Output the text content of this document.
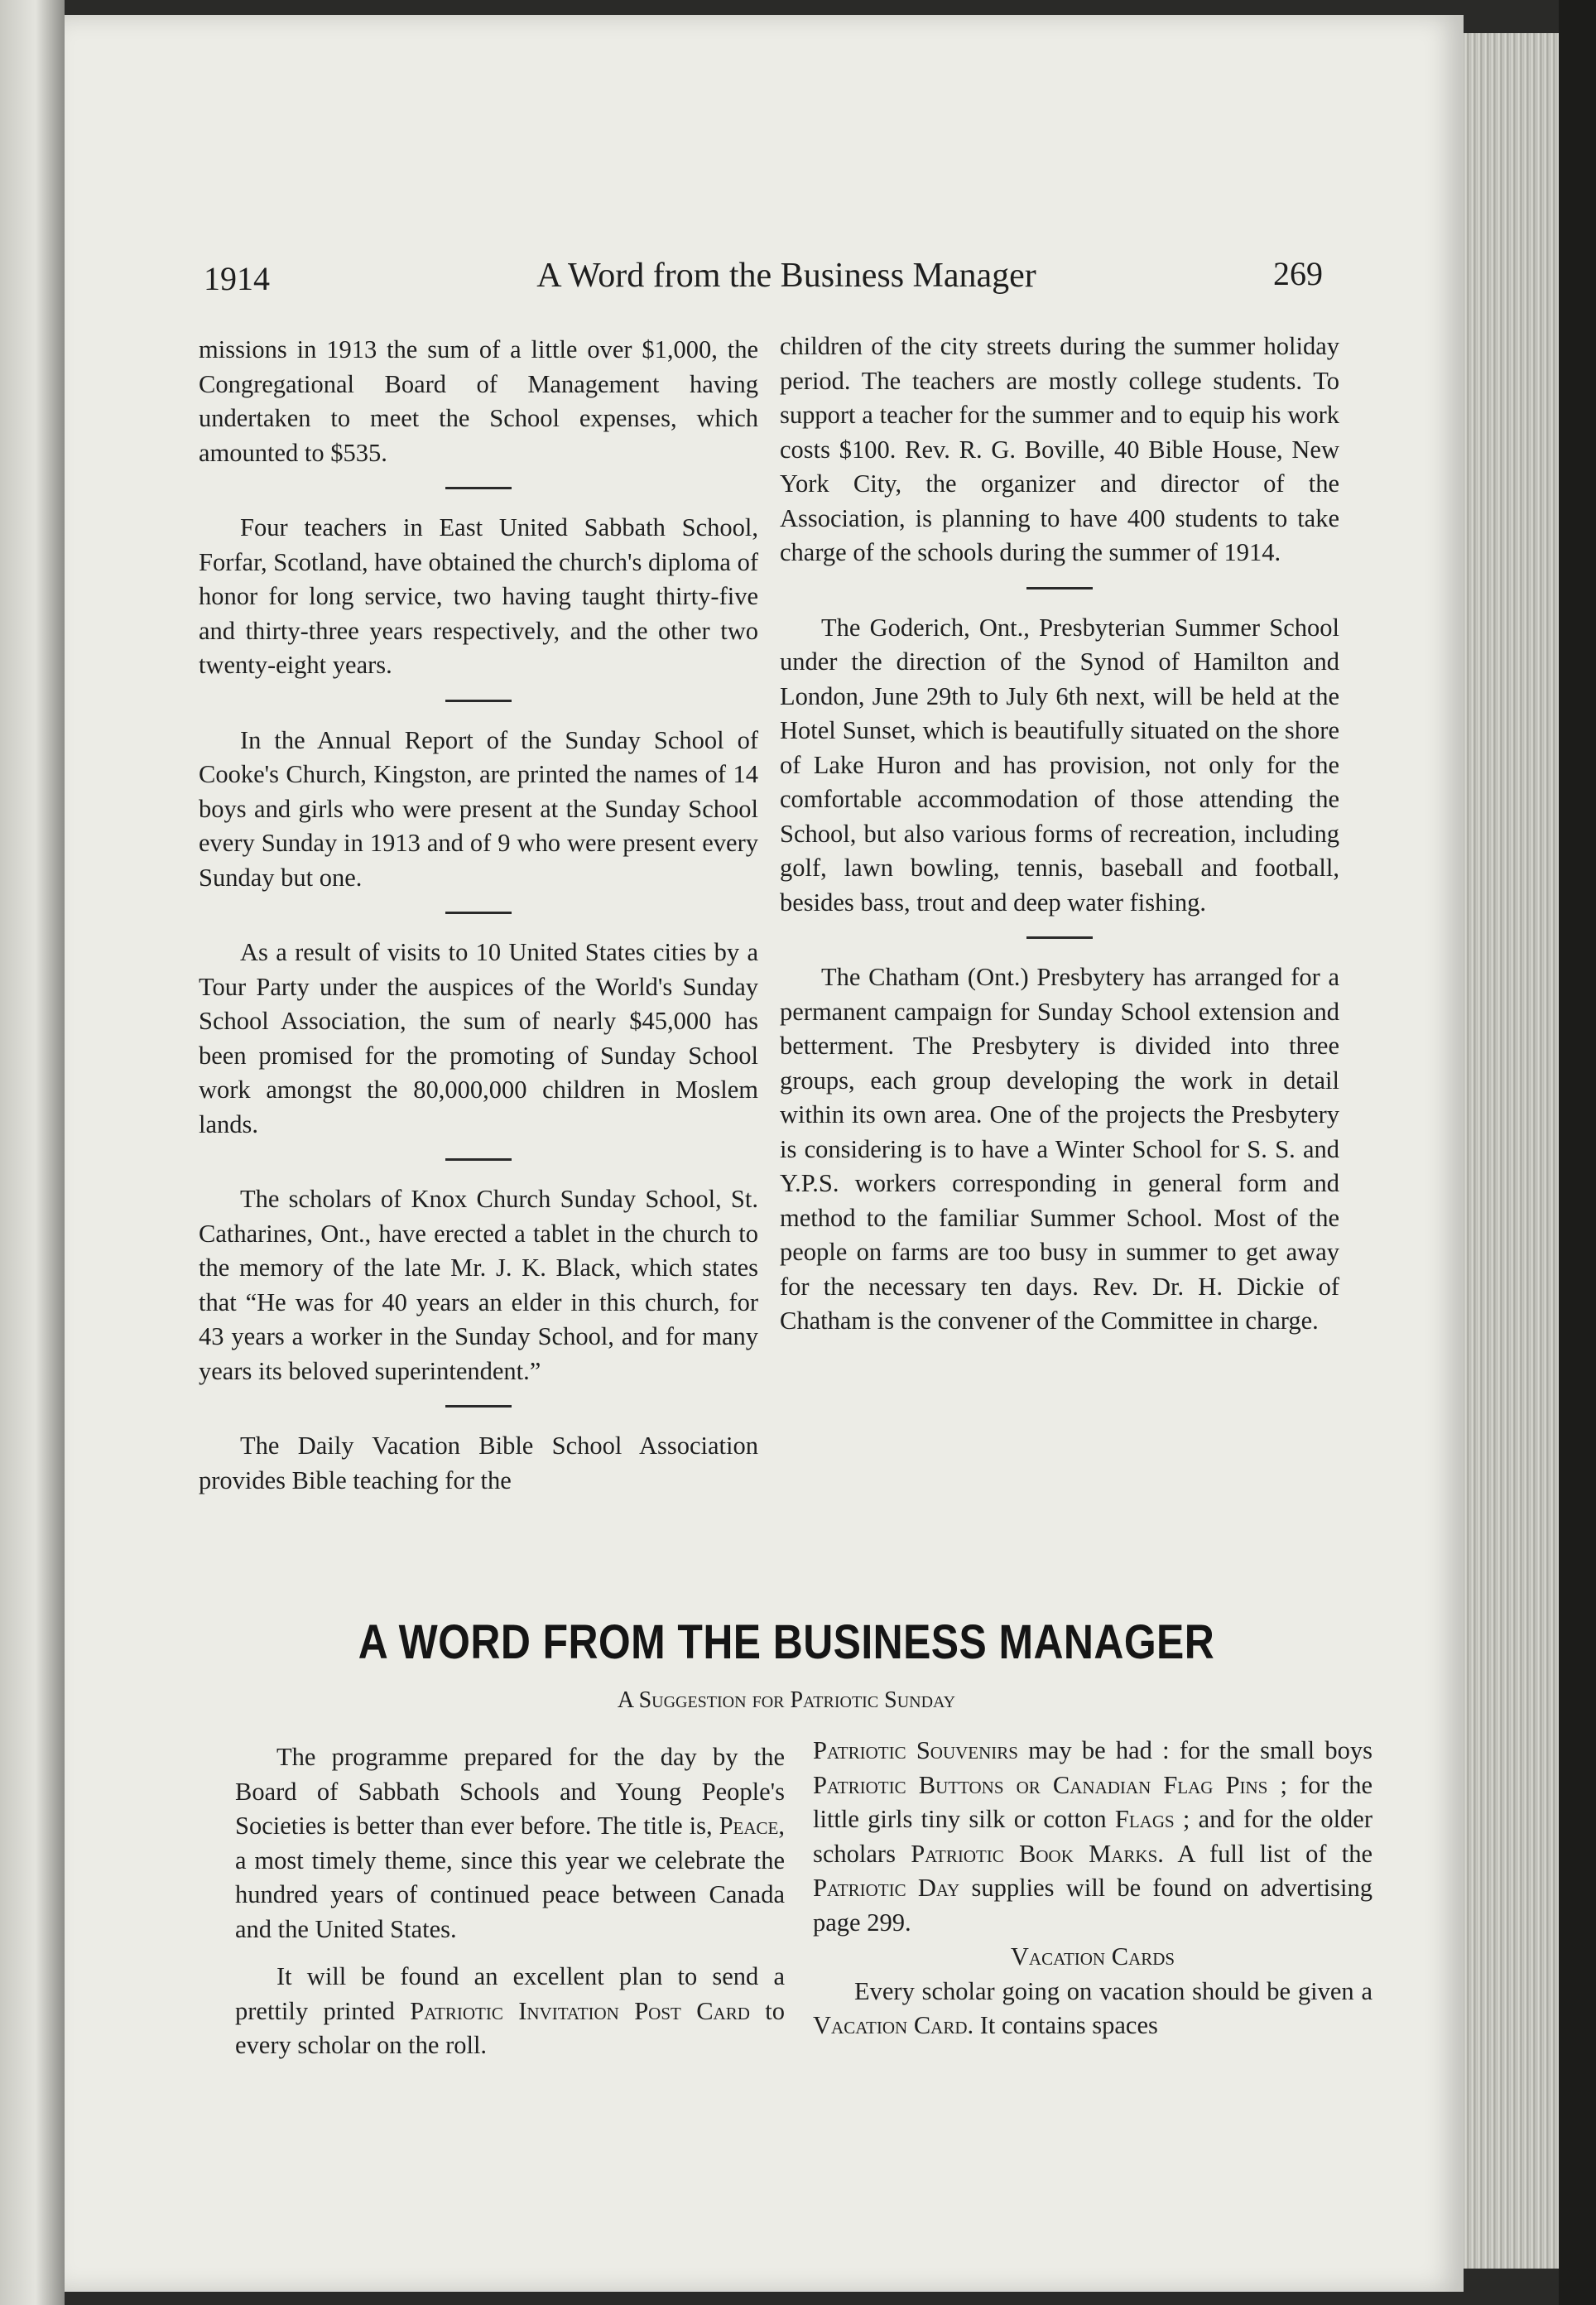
1914	A Word from the Business Manager	269

missions in 1913 the sum of a little over $1,000, the Congregational Board of Management having undertaken to meet the School expenses, which amounted to $535.

Four teachers in East United Sabbath School, Forfar, Scotland, have obtained the church's diploma of honor for long service, two having taught thirty-five and thirty-three years respectively, and the other two twenty-eight years.

In the Annual Report of the Sunday School of Cooke's Church, Kingston, are printed the names of 14 boys and girls who were present at the Sunday School every Sunday in 1913 and of 9 who were present every Sunday but one.

As a result of visits to 10 United States cities by a Tour Party under the auspices of the World's Sunday School Association, the sum of nearly $45,000 has been promised for the promoting of Sunday School work amongst the 80,000,000 children in Moslem lands.

The scholars of Knox Church Sunday School, St. Catharines, Ont., have erected a tablet in the church to the memory of the late Mr. J. K. Black, which states that “He was for 40 years an elder in this church, for 43 years a worker in the Sunday School, and for many years its beloved superintendent.”

The Daily Vacation Bible School Association provides Bible teaching for the

children of the city streets during the summer holiday period. The teachers are mostly college students. To support a teacher for the summer and to equip his work costs $100. Rev. R. G. Boville, 40 Bible House, New York City, the organizer and director of the Association, is planning to have 400 students to take charge of the schools during the summer of 1914.

The Goderich, Ont., Presbyterian Summer School under the direction of the Synod of Hamilton and London, June 29th to July 6th next, will be held at the Hotel Sunset, which is beautifully situated on the shore of Lake Huron and has provision, not only for the comfortable accommodation of those attending the School, but also various forms of recreation, including golf, lawn bowling, tennis, baseball and football, besides bass, trout and deep water fishing.

The Chatham (Ont.) Presbytery has arranged for a permanent campaign for Sunday School extension and betterment. The Presbytery is divided into three groups, each group developing the work in detail within its own area. One of the projects the Presbytery is considering is to have a Winter School for S. S. and Y.P.S. workers corresponding in general form and method to the familiar Summer School. Most of the people on farms are too busy in summer to get away for the necessary ten days. Rev. Dr. H. Dickie of Chatham is the convener of the Committee in charge.

A WORD FROM THE BUSINESS MANAGER
A Suggestion for Patriotic Sunday

The programme prepared for the day by the Board of Sabbath Schools and Young People's Societies is better than ever before. The title is, Peace, a most timely theme, since this year we celebrate the hundred years of continued peace between Canada and the United States.

It will be found an excellent plan to send a prettily printed Patriotic Invitation Post Card to every scholar on the roll.

Patriotic Souvenirs may be had : for the small boys Patriotic Buttons or Canadian Flag Pins ; for the little girls tiny silk or cotton Flags ; and for the older scholars Patriotic Book Marks. A full list of the Patriotic Day supplies will be found on advertising page 299.

Vacation Cards

Every scholar going on vacation should be given a Vacation Card. It contains spaces
